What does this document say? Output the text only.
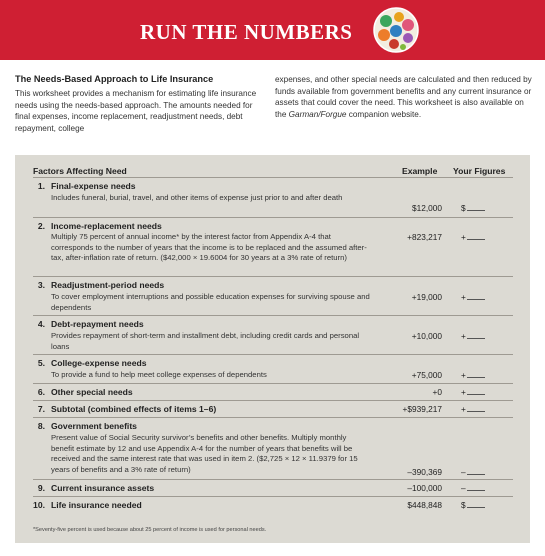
RUN THE NUMBERS
The Needs-Based Approach to Life Insurance
This worksheet provides a mechanism for estimating life insurance needs using the needs-based approach. The amounts needed for final expenses, income replacement, readjustment needs, debt repayment, college
expenses, and other special needs are calculated and then reduced by funds available from government benefits and any current insurance or assets that could cover the need. This worksheet is also available on the Garman/Forgue companion website.
Factors Affecting Need	Example Your Figures
1. Final-expense needs
Includes funeral, burial, travel, and other items of expense just prior to and after death
$12,000 $
2. Income-replacement needs
Multiply 75 percent of annual income* by the interest factor from Appendix A-4 that corresponds to the number of years that the income is to be replaced and the assumed after-tax, after-inflation rate of return. ($42,000 × 19.6004 for 30 years at a 3% rate of return)
+823,217 +
3. Readjustment-period needs
To cover employment interruptions and possible education expenses for surviving spouse and dependents
+19,000 +
4. Debt-repayment needs
Provides repayment of short-term and installment debt, including credit cards and personal loans
+10,000 +
5. College-expense needs
To provide a fund to help meet college expenses of dependents	+75,000 +
6. Other special needs	+0 +
7. Subtotal (combined effects of items 1–6)	+$939,217 +
8. Government benefits
Present value of Social Security survivor’s benefits and other benefits. Multiply monthly benefit estimate by 12 and use Appendix A-4 for the number of years that benefits will be received and the same interest rate that was used in item 2. ($2,725 × 12 × 11.9379 for 15 years of benefits and a 3% rate of return)	–390,369 –
9. Current insurance assets	–100,000 –
10. Life insurance needed	$448,848 $
*Seventy-five percent is used because about 25 percent of income is used for personal needs.
